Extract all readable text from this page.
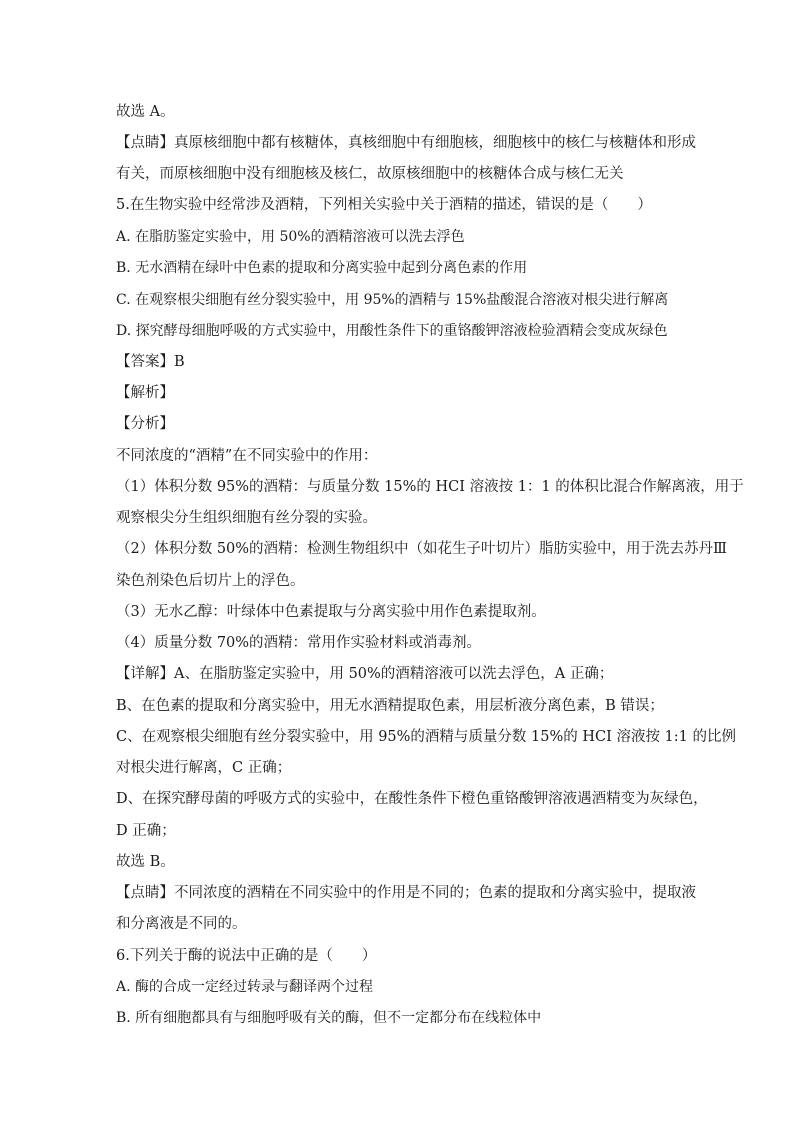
故选 A。
【点睛】真原核细胞中都有核糖体，真核细胞中有细胞核，细胞核中的核仁与核糖体和形成
有关，而原核细胞中没有细胞核及核仁，故原核细胞中的核糖体合成与核仁无关
5.在生物实验中经常涉及酒精，下列相关实验中关于酒精的描述，错误的是（　　）
A. 在脂肪鉴定实验中，用 50%的酒精溶液可以洗去浮色
B. 无水酒精在绿叶中色素的提取和分离实验中起到分离色素的作用
C. 在观察根尖细胞有丝分裂实验中，用 95%的酒精与 15%盐酸混合溶液对根尖进行解离
D. 探究酵母细胞呼吸的方式实验中，用酸性条件下的重铬酸钾溶液检验酒精会变成灰绿色
【答案】B
【解析】
【分析】
不同浓度的“酒精”在不同实验中的作用：
（1）体积分数 95%的酒精：与质量分数 15%的 HCI 溶液按 1：1 的体积比混合作解离液，用于
观察根尖分生组织细胞有丝分裂的实验。
（2）体积分数 50%的酒精：检测生物组织中（如花生子叶切片）脂肪实验中，用于洗去苏丹Ⅲ
染色剂染色后切片上的浮色。
（3）无水乙醇：叶绿体中色素提取与分离实验中用作色素提取剂。
（4）质量分数 70%的酒精：常用作实验材料或消毒剂。
【详解】A、在脂肪鉴定实验中，用 50%的酒精溶液可以洗去浮色，A 正确；
B、在色素的提取和分离实验中，用无水酒精提取色素，用层析液分离色素，B 错误；
C、在观察根尖细胞有丝分裂实验中，用 95%的酒精与质量分数 15%的 HCI 溶液按 1:1 的比例
对根尖进行解离，C 正确；
D、在探究酵母菌的呼吸方式的实验中，在酸性条件下橙色重铬酸钾溶液遇酒精变为灰绿色，
D 正确；
故选 B。
【点睛】不同浓度的酒精在不同实验中的作用是不同的；色素的提取和分离实验中，提取液
和分离液是不同的。
6.下列关于酶的说法中正确的是（　　）
A. 酶的合成一定经过转录与翻译两个过程
B. 所有细胞都具有与细胞呼吸有关的酶，但不一定都分布在线粒体中
